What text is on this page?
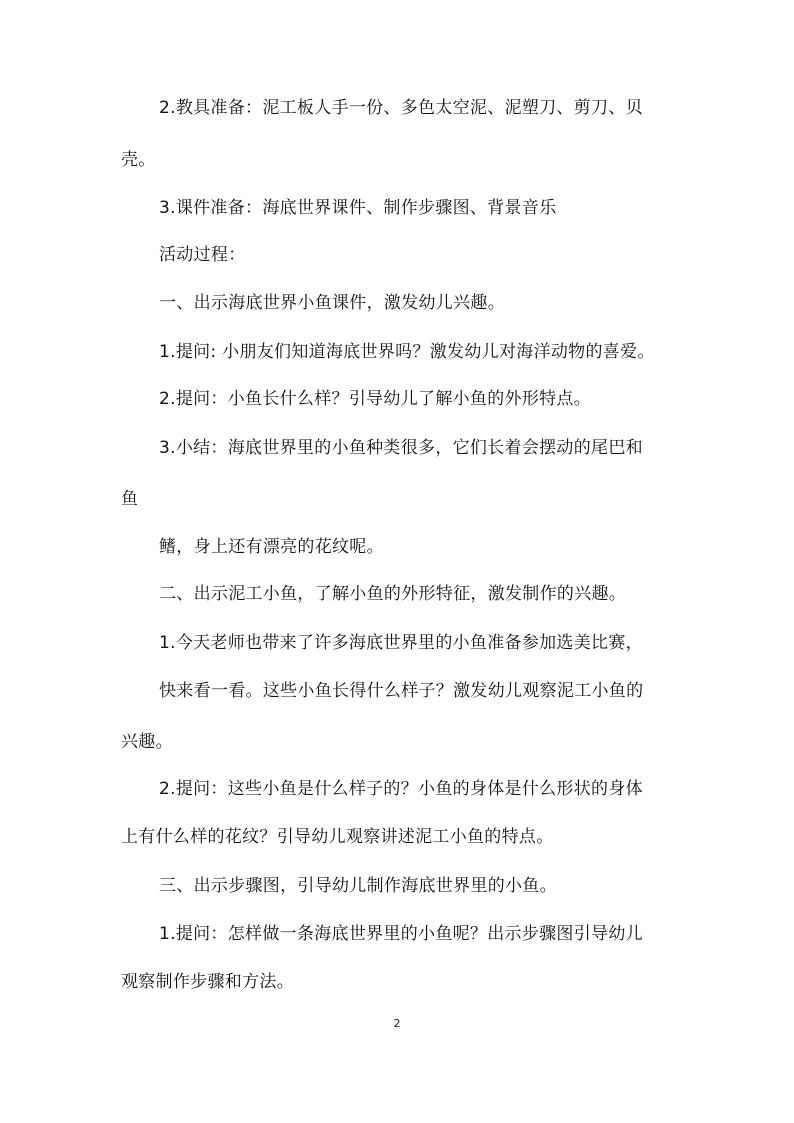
2.教具准备：泥工板人手一份、多色太空泥、泥塑刀、剪刀、贝
壳。
3.课件准备：海底世界课件、制作步骤图、背景音乐
活动过程：
一、出示海底世界小鱼课件，激发幼儿兴趣。
1.提问: 小朋友们知道海底世界吗？激发幼儿对海洋动物的喜爱。
2.提问：小鱼长什么样？引导幼儿了解小鱼的外形特点。
3.小结：海底世界里的小鱼种类很多，它们长着会摆动的尾巴和
鱼
鳍，身上还有漂亮的花纹呢。
二、出示泥工小鱼，了解小鱼的外形特征，激发制作的兴趣。
1.今天老师也带来了许多海底世界里的小鱼准备参加选美比赛，
快来看一看。这些小鱼长得什么样子？激发幼儿观察泥工小鱼的
兴趣。
2.提问：这些小鱼是什么样子的？小鱼的身体是什么形状的身体
上有什么样的花纹？引导幼儿观察讲述泥工小鱼的特点。
三、出示步骤图，引导幼儿制作海底世界里的小鱼。
1.提问：怎样做一条海底世界里的小鱼呢？出示步骤图引导幼儿
观察制作步骤和方法。
2
